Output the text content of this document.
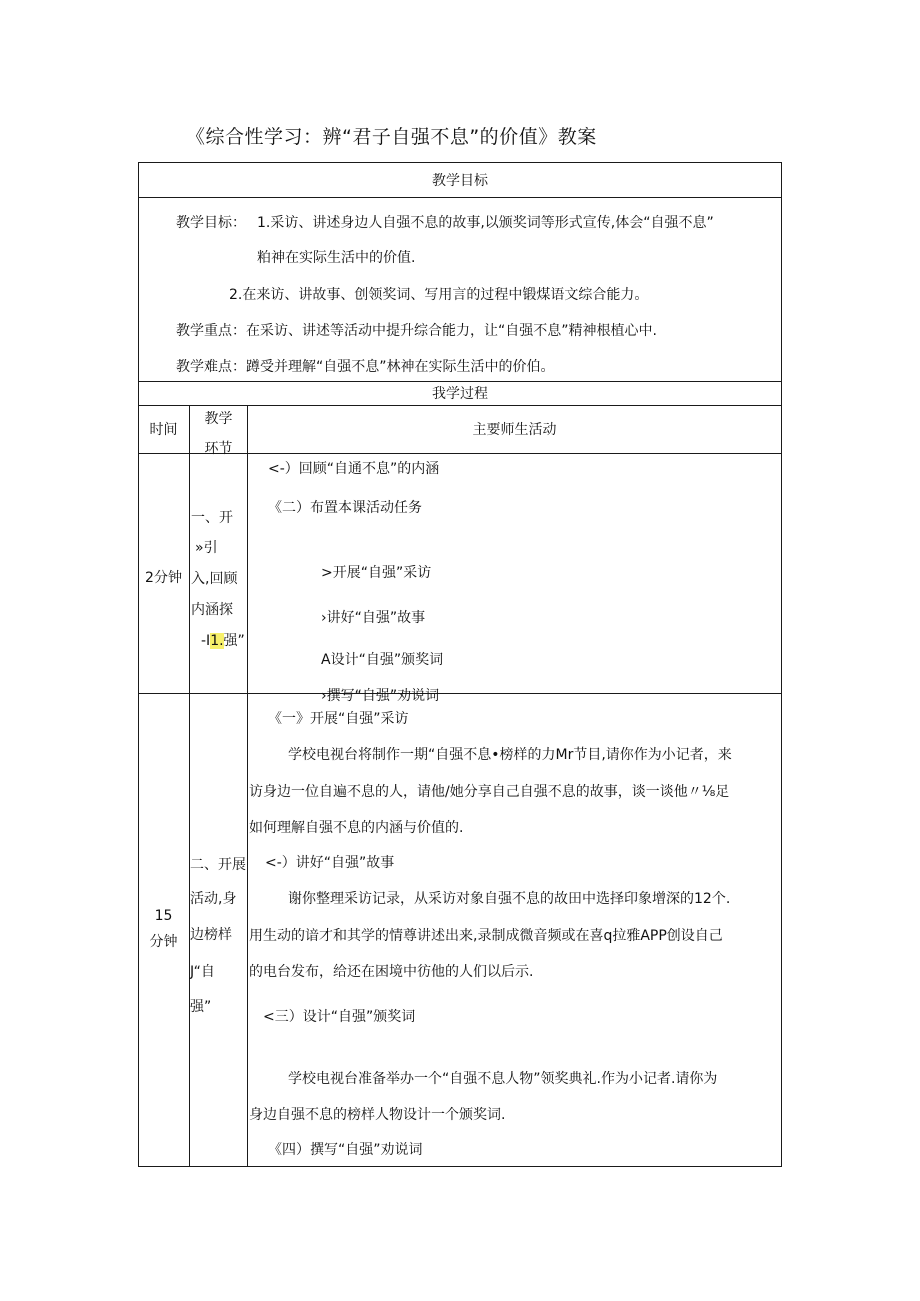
《综合性学习：辨“君子自强不息”的价值》教案
教学目标
教学目标： 1.采访、讲述身边人自强不息的故事,以颁奖词等形式宣传,体会“自强不息”
粕神在实际生活中的价值.
2.在来访、讲故事、创领奖词、写用言的过程中锻煤语文综合能力。
教学重点：在采访、讲述等活动中提升综合能力，让“自强不息”精神根植心中.
教学难点：蹲受并理解“自强不息”林神在实际生活中的价伯。
我学过程
时间
教学
环节
主要师生活动
2分钟
一、开
»引
入,回顾
内涵探
-I1.强”
<-）回顾“自通不息”的内涵
《二）布置本课活动任务
>开展“自强”采访
›讲好“自强”故事
A设计“自强”颁奖词
›撰写“自强”劝说词
15
分钟
二、开展
活动,身
边榜样
J“自
强”
《一》开展“自强”采访
学校电视台将制作一期“自强不息•榜样的力Mr节目,请你作为小记者，来
访身边一位自遍不息的人，请他/她分享自己自强不息的故事，谈一谈他〃⅛足
如何理解自强不息的内涵与价值的.
<-）讲好“自强”故事
谢你整理采访记录，从采访对象自强不息的故田中选择印象增深的12个.
用生动的谙才和其学的情尊讲述出来,录制成微音频或在喜q拉雅APP创设自己
的电台发布，给还在困境中彷他的人们以后示.
<三）设计“自强”颁奖词
学校电视台准备举办一个“自强不息人物”领奖典礼.作为小记者.请你为
身边自强不息的榜样人物设计一个颁奖词.
《四）撰写“自强”劝说词
